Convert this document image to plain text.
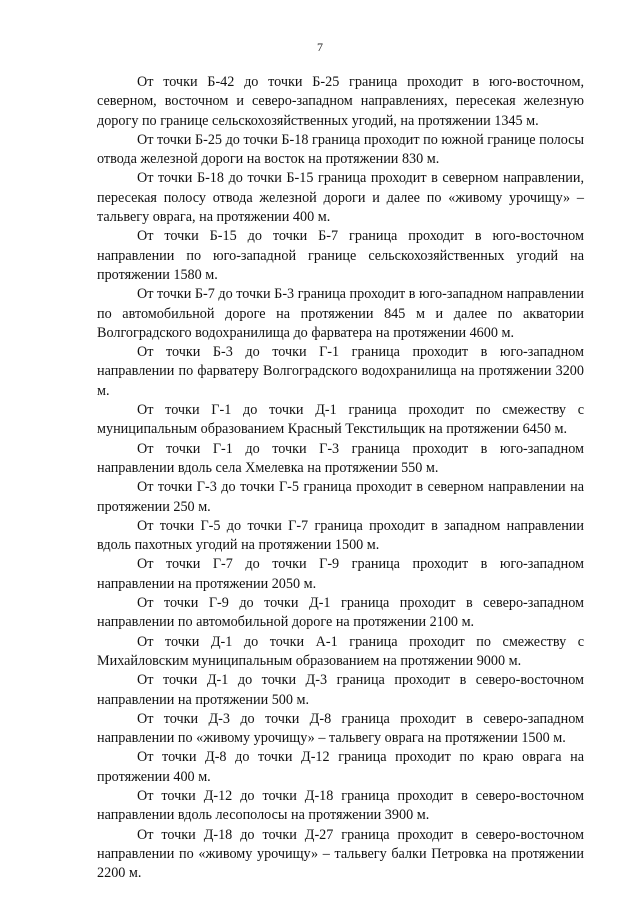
7

От точки Б-42 до точки Б-25 граница проходит в юго-восточном, северном, восточном и северо-западном направлениях, пересекая железную дорогу по границе сельскохозяйственных угодий, на протяжении 1345 м.

От точки Б-25 до точки Б-18 граница проходит по южной границе полосы отвода железной дороги на восток на протяжении 830 м.

От точки Б-18 до точки Б-15 граница проходит в северном направлении, пересекая полосу отвода железной дороги и далее по «живому урочищу» – тальвегу оврага, на протяжении 400 м.

От точки Б-15 до точки Б-7 граница проходит в юго-восточном направлении по юго-западной границе сельскохозяйственных угодий на протяжении 1580 м.

От точки Б-7 до точки Б-3 граница проходит в юго-западном направлении по автомобильной дороге на протяжении 845 м и далее по акватории Волгоградского водохранилища до фарватера на протяжении 4600 м.

От точки Б-3 до точки Г-1 граница проходит в юго-западном направлении по фарватеру Волгоградского водохранилища на протяжении 3200 м.

От точки Г-1 до точки Д-1 граница проходит по смежеству с муниципальным образованием Красный Текстильщик на протяжении 6450 м.

От точки Г-1 до точки Г-3 граница проходит в юго-западном направлении вдоль села Хмелевка на протяжении 550 м.

От точки Г-3 до точки Г-5 граница проходит в северном направлении на протяжении 250 м.

От точки Г-5 до точки Г-7 граница проходит в западном направлении вдоль пахотных угодий на протяжении 1500 м.

От точки Г-7 до точки Г-9 граница проходит в юго-западном направлении на протяжении 2050 м.

От точки Г-9 до точки Д-1 граница проходит в северо-западном направлении по автомобильной дороге на протяжении 2100 м.

От точки Д-1 до точки А-1 граница проходит по смежеству с Михайловским муниципальным образованием на протяжении 9000 м.

От точки Д-1 до точки Д-3 граница проходит в северо-восточном направлении на протяжении 500 м.

От точки Д-3 до точки Д-8 граница проходит в северо-западном направлении по «живому урочищу» – тальвегу оврага на протяжении 1500 м.

От точки Д-8 до точки Д-12 граница проходит по краю оврага на протяжении 400 м.

От точки Д-12 до точки Д-18 граница проходит в северо-восточном направлении вдоль лесополосы на протяжении 3900 м.

От точки Д-18 до точки Д-27 граница проходит в северо-восточном направлении по «живому урочищу» – тальвегу балки Петровка на протяжении 2200 м.
